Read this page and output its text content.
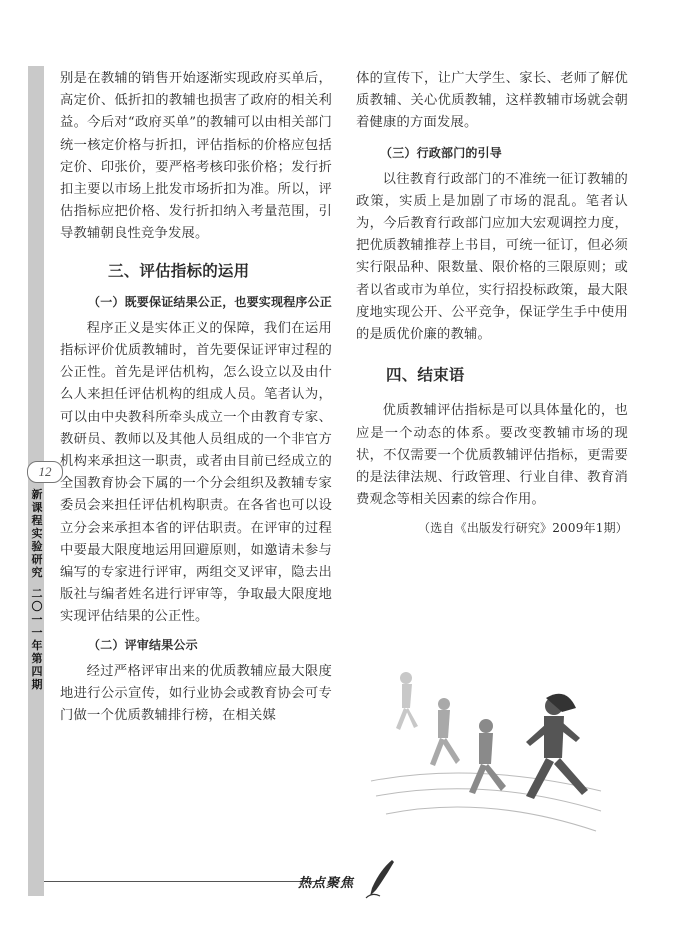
12
新
课
程
实
验
研
究
二
〇
一
一
年
第
四
期

别是在教辅的销售开始逐渐实现政府买单后，高定价、低折扣的教辅也损害了政府的相关利益。今后对“政府买单”的教辅可以由相关部门统一核定价格与折扣，评估指标的价格应包括定价、印张价，要严格考核印张价格；发行折扣主要以市场上批发市场折扣为准。所以，评估指标应把价格、发行折扣纳入考量范围，引导教辅朝良性竞争发展。

三、评估指标的运用
（一）既要保证结果公正，也要实现程序公正

程序正义是实体正义的保障，我们在运用指标评价优质教辅时，首先要保证评审过程的公正性。首先是评估机构，怎么设立以及由什么人来担任评估机构的组成人员。笔者认为，可以由中央教科所牵头成立一个由教育专家、教研员、教师以及其他人员组成的一个非官方机构来承担这一职责，或者由目前已经成立的全国教育协会下属的一个分会组织及教辅专家委员会来担任评估机构职责。在各省也可以设立分会来承担本省的评估职责。在评审的过程中要最大限度地运用回避原则，如邀请未参与编写的专家进行评审，两组交叉评审，隐去出版社与编者姓名进行评审等，争取最大限度地实现评估结果的公正性。

（二）评审结果公示

经过严格评审出来的优质教辅应最大限度地进行公示宣传，如行业协会或教育协会可专门做一个优质教辅排行榜，在相关媒

体的宣传下，让广大学生、家长、老师了解优质教辅、关心优质教辅，这样教辅市场就会朝着健康的方面发展。

（三）行政部门的引导

以往教育行政部门的不准统一征订教辅的政策，实质上是加剧了市场的混乱。笔者认为，今后教育行政部门应加大宏观调控力度，把优质教辅推荐上书目，可统一征订，但必须实行限品种、限数量、限价格的三限原则；或者以省或市为单位，实行招投标政策，最大限度地实现公开、公平竞争，保证学生手中使用的是质优价廉的教辅。

四、结束语

优质教辅评估指标是可以具体量化的，也应是一个动态的体系。要改变教辅市场的现状，不仅需要一个优质教辅评估指标，更需要的是法律法规、行政管理、行业自律、教育消费观念等相关因素的综合作用。

（选自《出版发行研究》2009年1期）
热点聚焦
